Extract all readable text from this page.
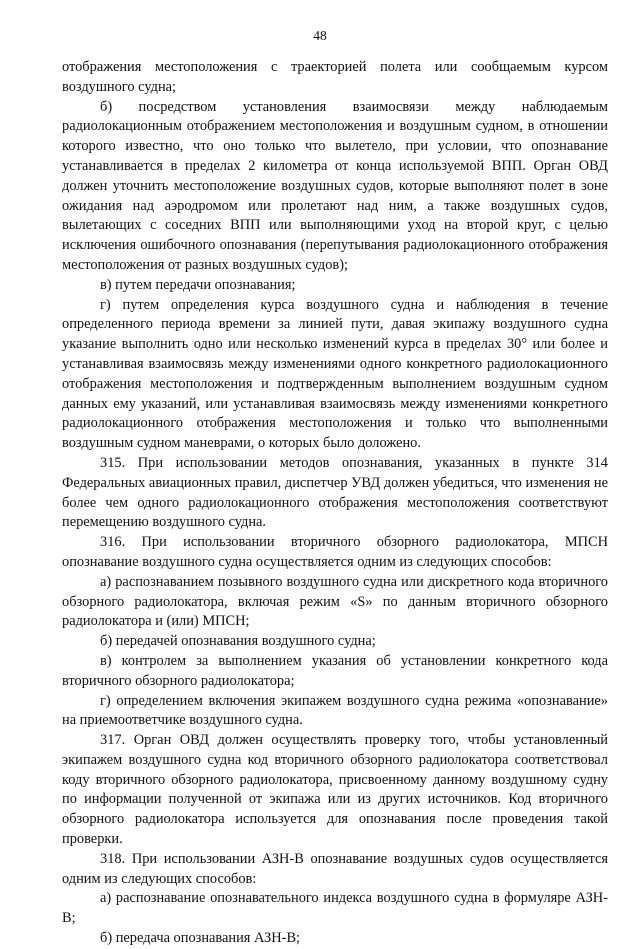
48

отображения местоположения с траекторией полета или сообщаемым курсом воздушного судна;

б) посредством установления взаимосвязи между наблюдаемым радиолокационным отображением местоположения и воздушным судном, в отношении которого известно, что оно только что вылетело, при условии, что опознавание устанавливается в пределах 2 километра от конца используемой ВПП. Орган ОВД должен уточнить местоположение воздушных судов, которые выполняют полет в зоне ожидания над аэродромом или пролетают над ним, а также воздушных судов, вылетающих с соседних ВПП или выполняющими уход на второй круг, с целью исключения ошибочного опознавания (перепутывания радиолокационного отображения местоположения от разных воздушных судов);

в) путем передачи опознавания;

г) путем определения курса воздушного судна и наблюдения в течение определенного периода времени за линией пути, давая экипажу воздушного судна указание выполнить одно или несколько изменений курса в пределах 30° или более и устанавливая взаимосвязь между изменениями одного конкретного радиолокационного отображения местоположения и подтвержденным выполнением воздушным судном данных ему указаний, или устанавливая взаимосвязь между изменениями конкретного радиолокационного отображения местоположения и только что выполненными воздушным судном маневрами, о которых было доложено.

315. При использовании методов опознавания, указанных в пункте 314 Федеральных авиационных правил, диспетчер УВД должен убедиться, что изменения не более чем одного радиолокационного отображения местоположения соответствуют перемещению воздушного судна.

316. При использовании вторичного обзорного радиолокатора, МПСН опознавание воздушного судна осуществляется одним из следующих способов:

а) распознаванием позывного воздушного судна или дискретного кода вторичного обзорного радиолокатора, включая режим «S» по данным вторичного обзорного радиолокатора и (или) МПСН;

б) передачей опознавания воздушного судна;

в) контролем за выполнением указания об установлении конкретного кода вторичного обзорного радиолокатора;

г) определением включения экипажем воздушного судна режима «опознавание» на приемоответчике воздушного судна.

317. Орган ОВД должен осуществлять проверку того, чтобы установленный экипажем воздушного судна код вторичного обзорного радиолокатора соответствовал коду вторичного обзорного радиолокатора, присвоенному данному воздушному судну по информации полученной от экипажа или из других источников. Код вторичного обзорного радиолокатора используется для опознавания после проведения такой проверки.

318. При использовании АЗН-В опознавание воздушных судов осуществляется одним из следующих способов:

а) распознавание опознавательного индекса воздушного судна в формуляре АЗН-В;

б) передача опознавания АЗН-В;
